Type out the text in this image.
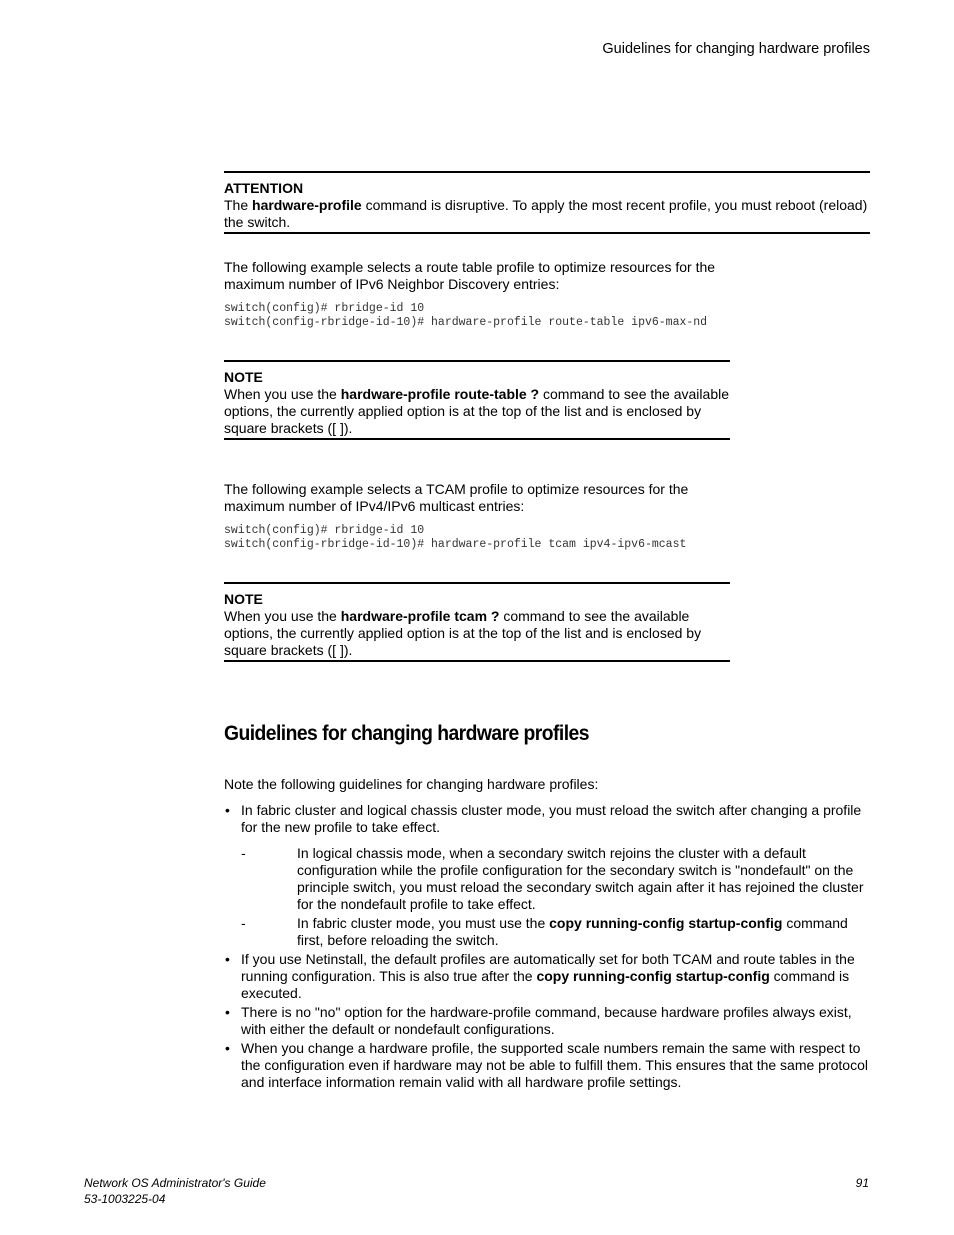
Guidelines for changing hardware profiles
ATTENTION
The hardware-profile command is disruptive. To apply the most recent profile, you must reboot (reload) the switch.
The following example selects a route table profile to optimize resources for the maximum number of IPv6 Neighbor Discovery entries:
switch(config)# rbridge-id 10
switch(config-rbridge-id-10)# hardware-profile route-table ipv6-max-nd
NOTE
When you use the hardware-profile route-table ? command to see the available options, the currently applied option is at the top of the list and is enclosed by square brackets ([ ]).
The following example selects a TCAM profile to optimize resources for the maximum number of IPv4/IPv6 multicast entries:
switch(config)# rbridge-id 10
switch(config-rbridge-id-10)# hardware-profile tcam ipv4-ipv6-mcast
NOTE
When you use the hardware-profile tcam ? command to see the available options, the currently applied option is at the top of the list and is enclosed by square brackets ([ ]).
Guidelines for changing hardware profiles
Note the following guidelines for changing hardware profiles:
• In fabric cluster and logical chassis cluster mode, you must reload the switch after changing a profile for the new profile to take effect.
-	In logical chassis mode, when a secondary switch rejoins the cluster with a default configuration while the profile configuration for the secondary switch is "nondefault" on the principle switch, you must reload the secondary switch again after it has rejoined the cluster for the nondefault profile to take effect.
-	In fabric cluster mode, you must use the copy running-config startup-config command first, before reloading the switch.
• If you use Netinstall, the default profiles are automatically set for both TCAM and route tables in the running configuration. This is also true after the copy running-config startup-config command is executed.
• There is no "no" option for the hardware-profile command, because hardware profiles always exist, with either the default or nondefault configurations.
• When you change a hardware profile, the supported scale numbers remain the same with respect to the configuration even if hardware may not be able to fulfill them. This ensures that the same protocol and interface information remain valid with all hardware profile settings.
Network OS Administrator's Guide
53-1003225-04
91
